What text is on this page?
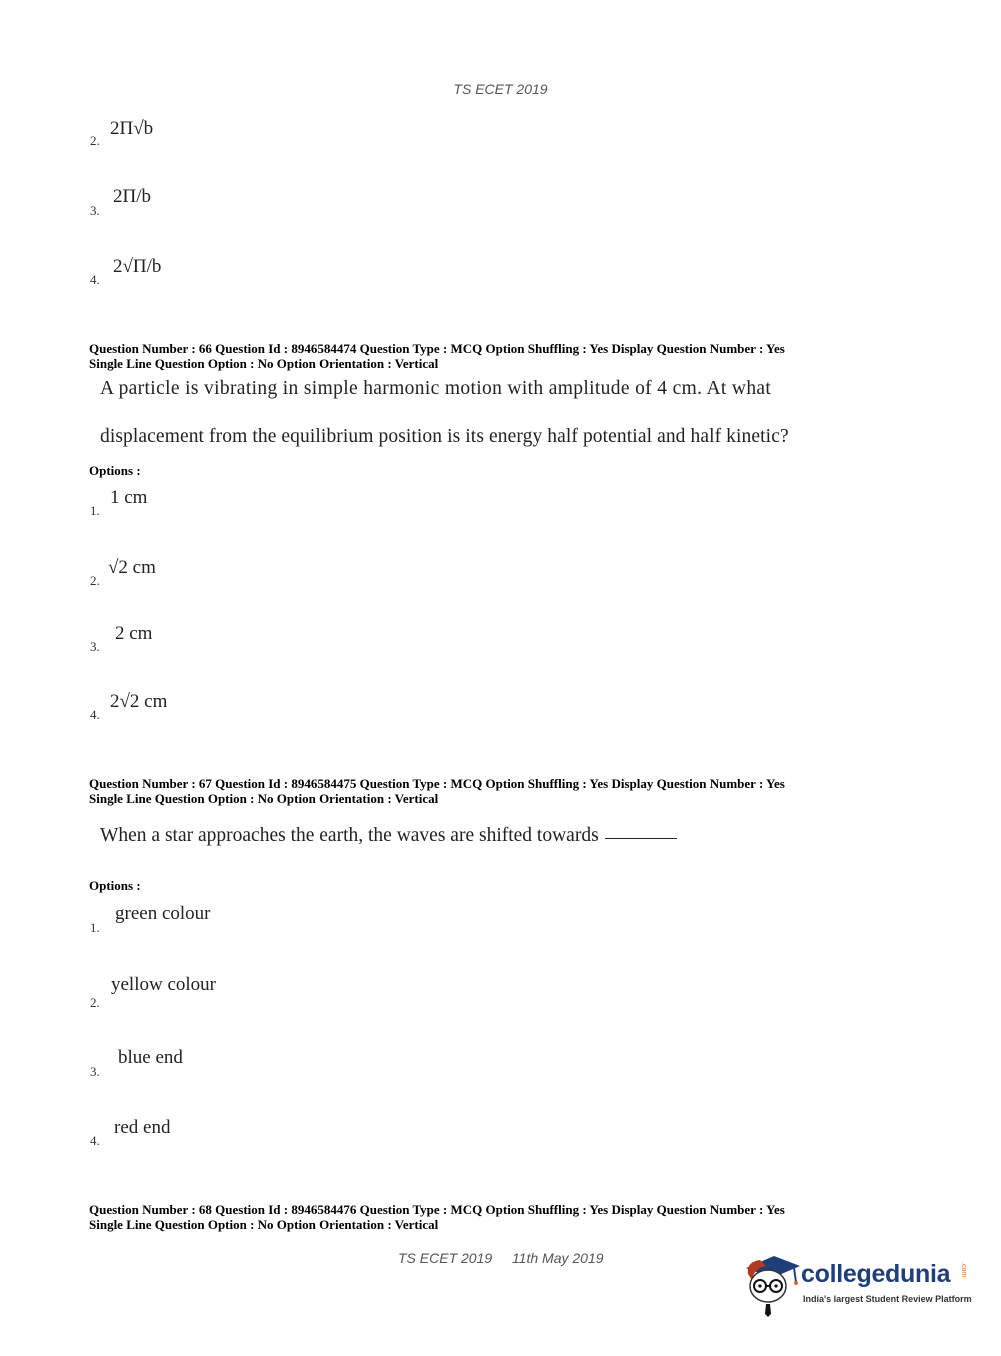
TS ECET 2019
2.
2Π√b
3.
2Π/b
4.
2√Π/b
Question Number : 66 Question Id : 8946584474 Question Type : MCQ Option Shuffling : Yes Display Question Number : Yes
Single Line Question Option : No Option Orientation : Vertical
A particle is vibrating in simple harmonic motion with amplitude of 4 cm. At what
displacement from the equilibrium position is its energy half potential and half kinetic?
Options :
1.
1 cm
2.
√2 cm
3.
2 cm
4.
2√2 cm
Question Number : 67 Question Id : 8946584475 Question Type : MCQ Option Shuffling : Yes Display Question Number : Yes
Single Line Question Option : No Option Orientation : Vertical
When a star approaches the earth, the waves are shifted towards
Options :
1.
green colour
2.
yellow colour
3.
blue end
4.
red end
Question Number : 68 Question Id : 8946584476 Question Type : MCQ Option Shuffling : Yes Display Question Number : Yes
Single Line Question Option : No Option Orientation : Vertical
TS ECET 2019 11th May 2019
collegedunia .com
India's largest Student Review Platform
